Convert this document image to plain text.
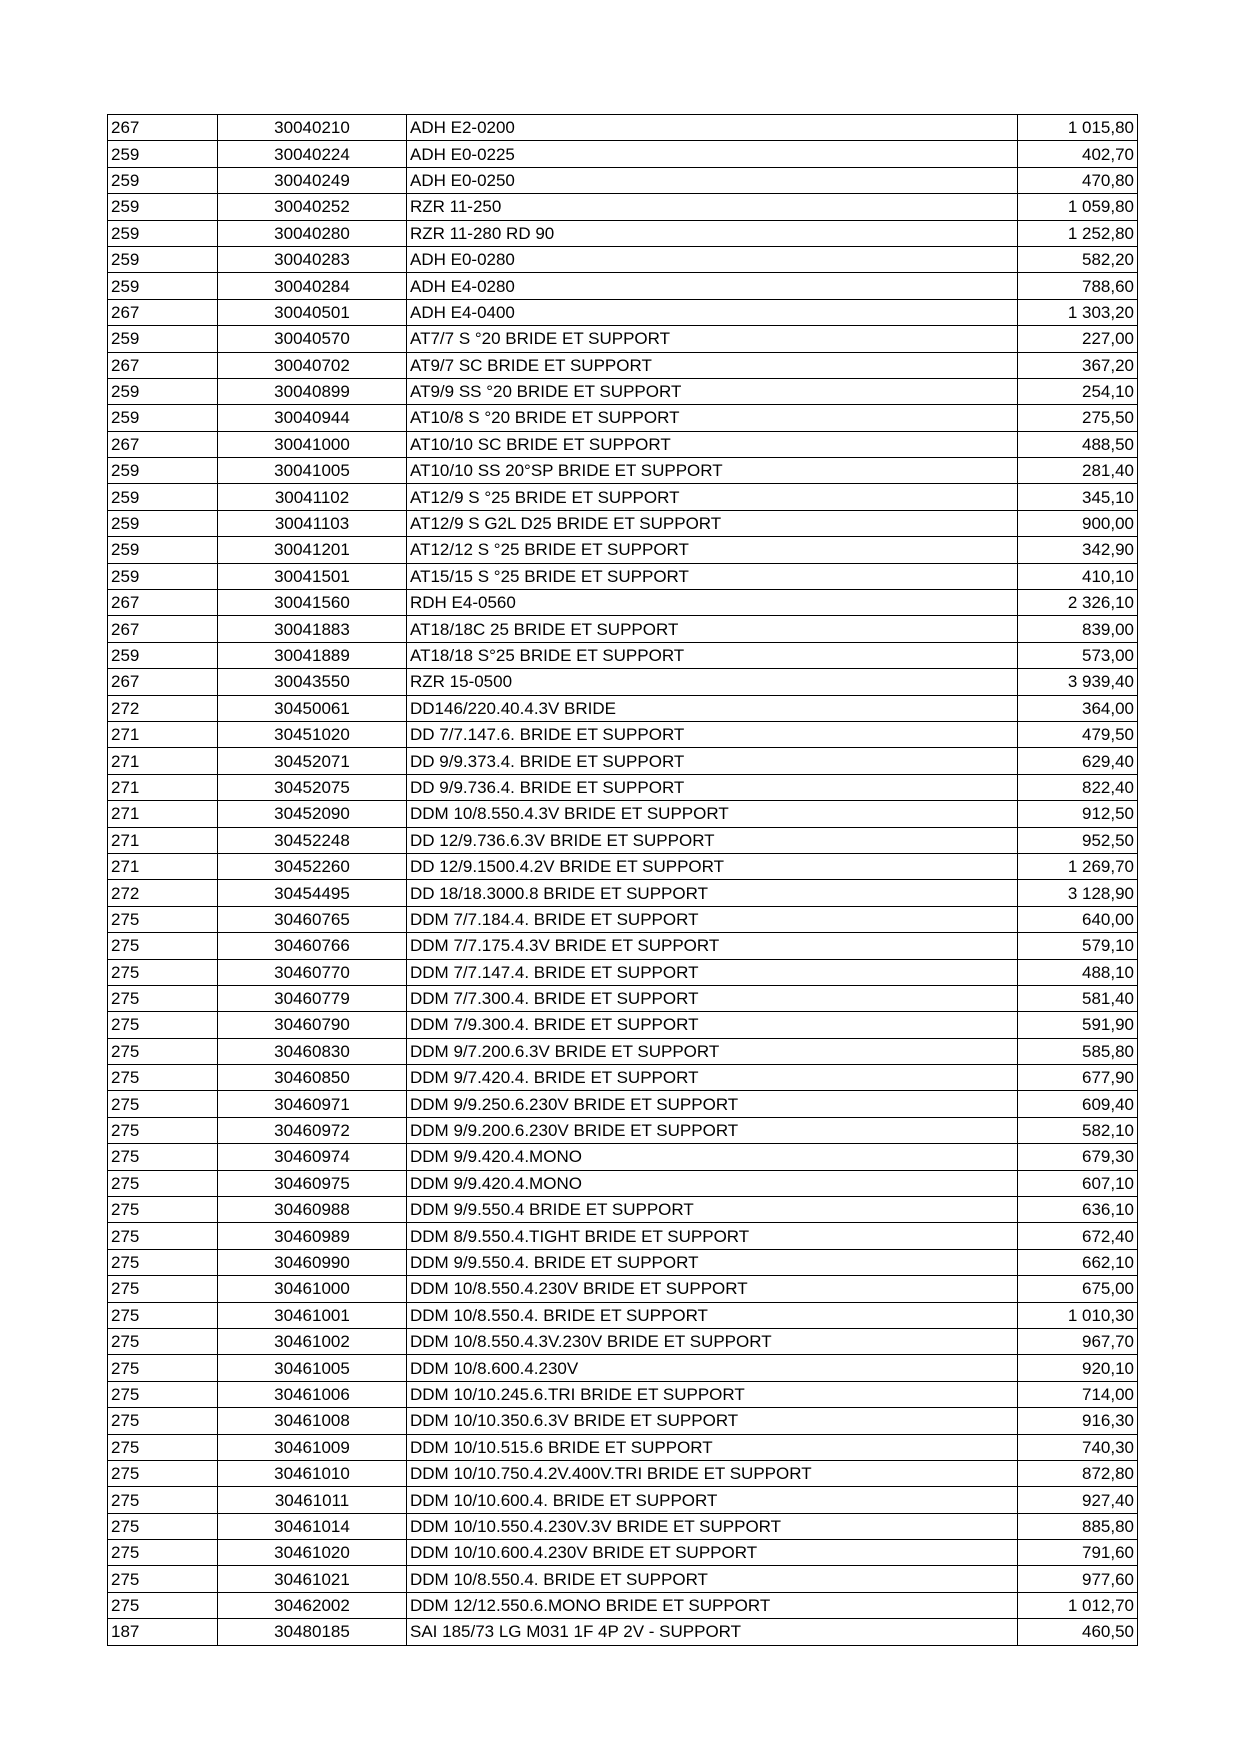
267	30040210	ADH E2-0200	1 015,80
259	30040224	ADH E0-0225	402,70
259	30040249	ADH E0-0250	470,80
259	30040252	RZR 11-250	1 059,80
259	30040280	RZR 11-280 RD 90	1 252,80
259	30040283	ADH E0-0280	582,20
259	30040284	ADH E4-0280	788,60
267	30040501	ADH E4-0400	1 303,20
259	30040570	AT7/7 S °20 BRIDE ET SUPPORT	227,00
267	30040702	AT9/7 SC BRIDE ET SUPPORT	367,20
259	30040899	AT9/9 SS °20 BRIDE ET SUPPORT	254,10
259	30040944	AT10/8 S °20 BRIDE ET SUPPORT	275,50
267	30041000	AT10/10 SC BRIDE ET SUPPORT	488,50
259	30041005	AT10/10 SS 20°SP BRIDE ET SUPPORT	281,40
259	30041102	AT12/9 S °25 BRIDE ET SUPPORT	345,10
259	30041103	AT12/9 S G2L D25 BRIDE ET SUPPORT	900,00
259	30041201	AT12/12 S °25 BRIDE ET SUPPORT	342,90
259	30041501	AT15/15 S °25 BRIDE ET SUPPORT	410,10
267	30041560	RDH E4-0560	2 326,10
267	30041883	AT18/18C 25 BRIDE ET SUPPORT	839,00
259	30041889	AT18/18 S°25 BRIDE ET SUPPORT	573,00
267	30043550	RZR 15-0500	3 939,40
272	30450061	DD146/220.40.4.3V BRIDE	364,00
271	30451020	DD 7/7.147.6. BRIDE ET SUPPORT	479,50
271	30452071	DD 9/9.373.4. BRIDE ET SUPPORT	629,40
271	30452075	DD 9/9.736.4. BRIDE ET SUPPORT	822,40
271	30452090	DDM 10/8.550.4.3V BRIDE ET SUPPORT	912,50
271	30452248	DD 12/9.736.6.3V BRIDE ET SUPPORT	952,50
271	30452260	DD 12/9.1500.4.2V BRIDE ET SUPPORT	1 269,70
272	30454495	DD 18/18.3000.8 BRIDE ET SUPPORT	3 128,90
275	30460765	DDM 7/7.184.4. BRIDE ET SUPPORT	640,00
275	30460766	DDM 7/7.175.4.3V BRIDE ET SUPPORT	579,10
275	30460770	DDM 7/7.147.4. BRIDE ET SUPPORT	488,10
275	30460779	DDM 7/7.300.4. BRIDE ET SUPPORT	581,40
275	30460790	DDM 7/9.300.4. BRIDE ET SUPPORT	591,90
275	30460830	DDM 9/7.200.6.3V BRIDE ET SUPPORT	585,80
275	30460850	DDM 9/7.420.4. BRIDE ET SUPPORT	677,90
275	30460971	DDM 9/9.250.6.230V BRIDE ET SUPPORT	609,40
275	30460972	DDM 9/9.200.6.230V BRIDE ET SUPPORT	582,10
275	30460974	DDM 9/9.420.4.MONO	679,30
275	30460975	DDM 9/9.420.4.MONO	607,10
275	30460988	DDM 9/9.550.4 BRIDE ET SUPPORT	636,10
275	30460989	DDM 8/9.550.4.TIGHT BRIDE ET SUPPORT	672,40
275	30460990	DDM 9/9.550.4. BRIDE ET SUPPORT	662,10
275	30461000	DDM 10/8.550.4.230V BRIDE ET SUPPORT	675,00
275	30461001	DDM 10/8.550.4. BRIDE ET SUPPORT	1 010,30
275	30461002	DDM 10/8.550.4.3V.230V BRIDE ET SUPPORT	967,70
275	30461005	DDM 10/8.600.4.230V	920,10
275	30461006	DDM 10/10.245.6.TRI BRIDE ET SUPPORT	714,00
275	30461008	DDM 10/10.350.6.3V BRIDE ET SUPPORT	916,30
275	30461009	DDM 10/10.515.6 BRIDE ET SUPPORT	740,30
275	30461010	DDM 10/10.750.4.2V.400V.TRI BRIDE ET SUPPORT	872,80
275	30461011	DDM 10/10.600.4. BRIDE ET SUPPORT	927,40
275	30461014	DDM 10/10.550.4.230V.3V BRIDE ET SUPPORT	885,80
275	30461020	DDM 10/10.600.4.230V BRIDE ET SUPPORT	791,60
275	30461021	DDM 10/8.550.4. BRIDE ET SUPPORT	977,60
275	30462002	DDM 12/12.550.6.MONO BRIDE ET SUPPORT	1 012,70
187	30480185	SAI 185/73 LG M031 1F 4P 2V - SUPPORT	460,50
